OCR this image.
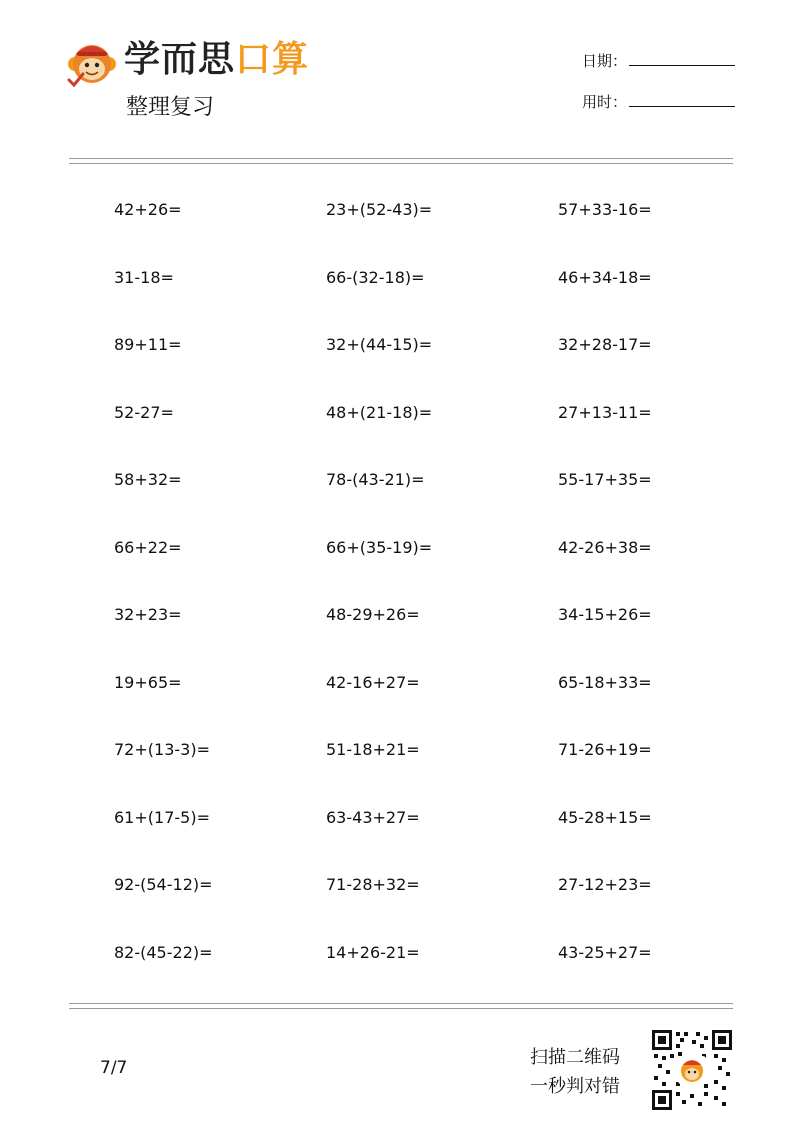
学而思口算
整理复习
日期：
用时：
42+26=	23+(52-43)=	57+33-16=
31-18=	66-(32-18)=	46+34-18=
89+11=	32+(44-15)=	32+28-17=
52-27=	48+(21-18)=	27+13-11=
58+32=	78-(43-21)=	55-17+35=
66+22=	66+(35-19)=	42-26+38=
32+23=	48-29+26=	34-15+26=
19+65=	42-16+27=	65-18+33=
72+(13-3)=	51-18+21=	71-26+19=
61+(17-5)=	63-43+27=	45-28+15=
92-(54-12)=	71-28+32=	27-12+23=
82-(45-22)=	14+26-21=	43-25+27=
7/7	扫描二维码
一秒判对错
